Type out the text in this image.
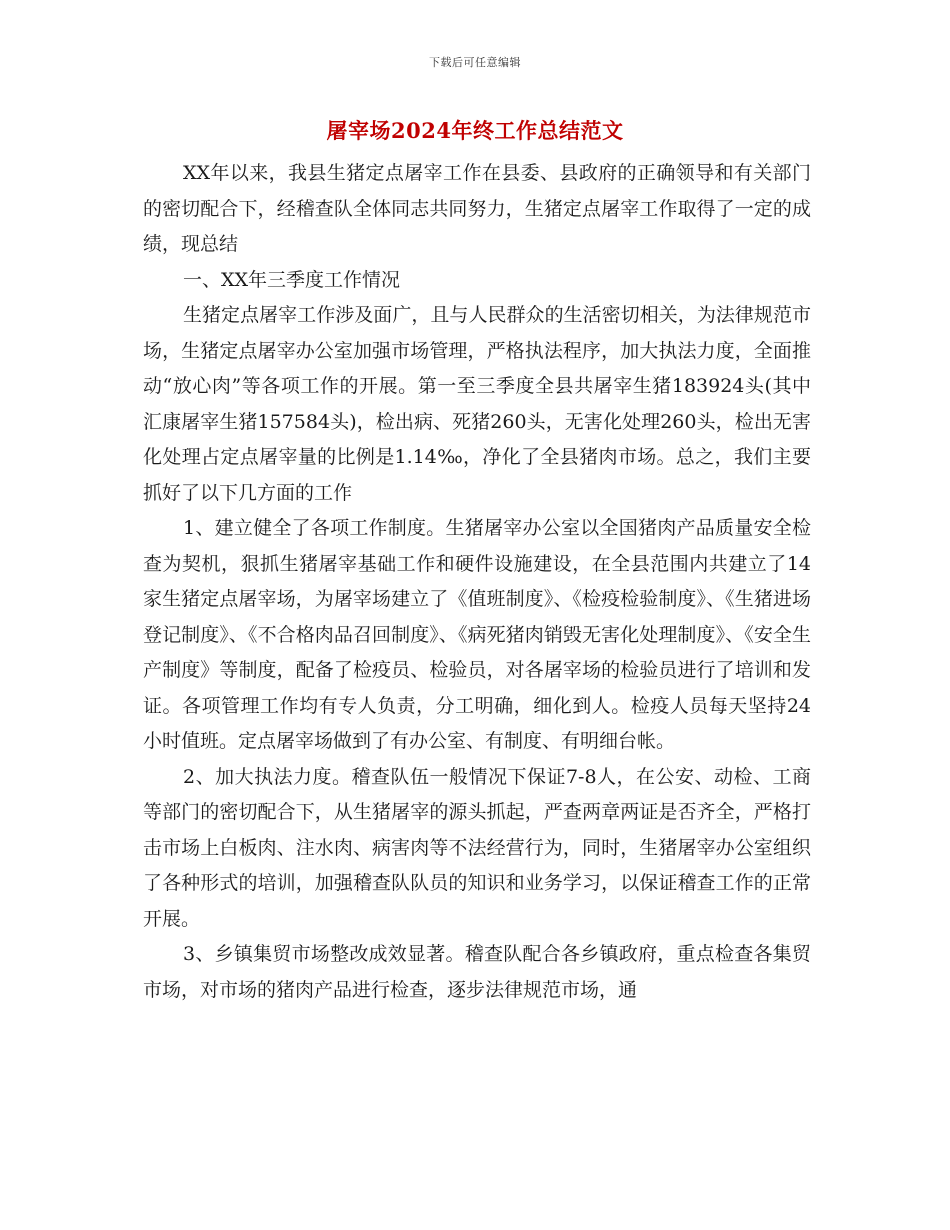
下载后可任意编辑
屠宰场2024年终工作总结范文

XX年以来，我县生猪定点屠宰工作在县委、县政府的正确领导和有关部门的密切配合下，经稽查队全体同志共同努力，生猪定点屠宰工作取得了一定的成绩，现总结

一、XX年三季度工作情况

生猪定点屠宰工作涉及面广，且与人民群众的生活密切相关，为法律规范市场，生猪定点屠宰办公室加强市场管理，严格执法程序，加大执法力度，全面推动“放心肉”等各项工作的开展。第一至三季度全县共屠宰生猪183924头(其中汇康屠宰生猪157584头)，检出病、死猪260头，无害化处理260头，检出无害化处理占定点屠宰量的比例是1.14‰，净化了全县猪肉市场。总之，我们主要抓好了以下几方面的工作

1、建立健全了各项工作制度。生猪屠宰办公室以全国猪肉产品质量安全检查为契机，狠抓生猪屠宰基础工作和硬件设施建设，在全县范围内共建立了14家生猪定点屠宰场，为屠宰场建立了《值班制度》、《检疫检验制度》、《生猪进场登记制度》、《不合格肉品召回制度》、《病死猪肉销毁无害化处理制度》、《安全生产制度》等制度，配备了检疫员、检验员，对各屠宰场的检验员进行了培训和发证。各项管理工作均有专人负责，分工明确，细化到人。检疫人员每天坚持24小时值班。定点屠宰场做到了有办公室、有制度、有明细台帐。

2、加大执法力度。稽查队伍一般情况下保证7-8人，在公安、动检、工商等部门的密切配合下，从生猪屠宰的源头抓起，严查两章两证是否齐全，严格打击市场上白板肉、注水肉、病害肉等不法经营行为，同时，生猪屠宰办公室组织了各种形式的培训，加强稽查队队员的知识和业务学习，以保证稽查工作的正常开展。

3、乡镇集贸市场整改成效显著。稽查队配合各乡镇政府，重点检查各集贸市场，对市场的猪肉产品进行检查，逐步法律规范市场，通
